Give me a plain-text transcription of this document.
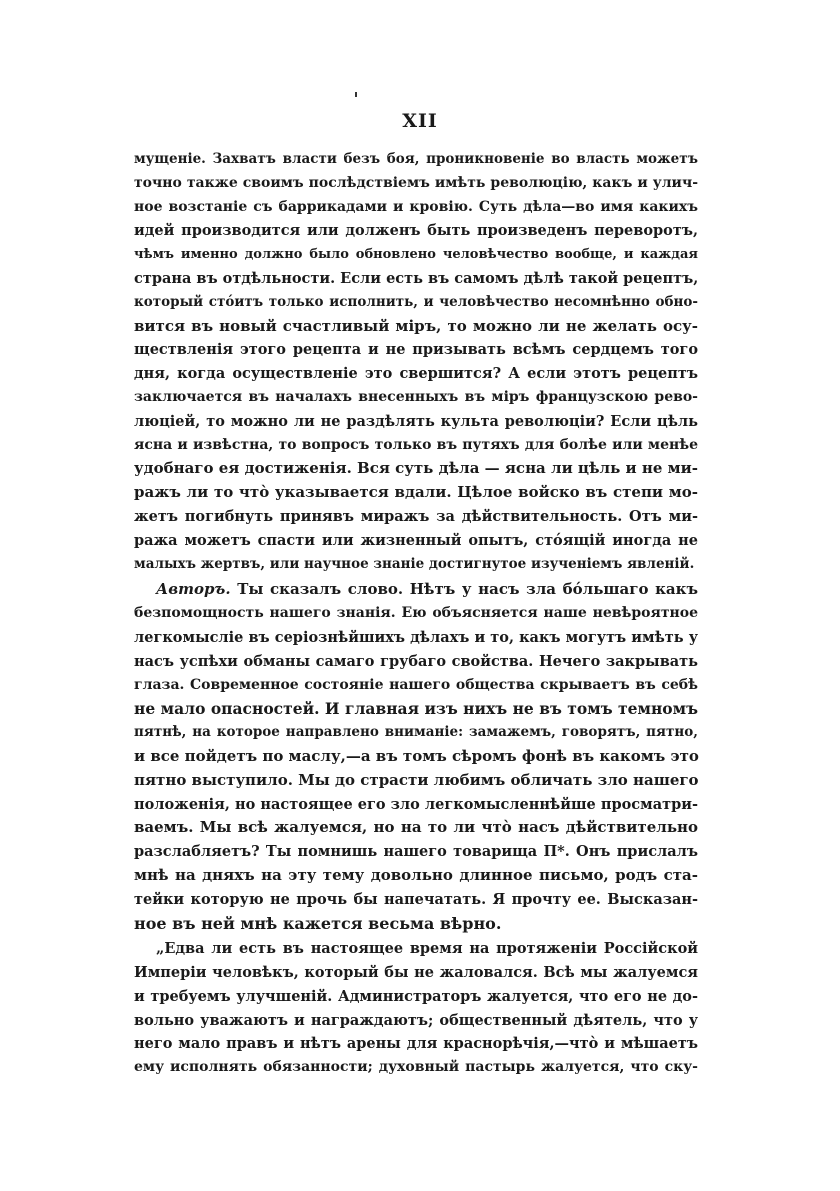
XII
мущеніе. Захватъ власти безъ боя, проникновеніе во власть можетъ
точно также своимъ послѣдствіемъ имѣть революцію, какъ и улич-
ное возстаніе съ баррикадами и кровію. Суть дѣла—во имя какихъ
идей производится или долженъ быть произведенъ переворотъ,
чѣмъ именно должно было обновлено человѣчество вообще, и каждая
страна въ отдѣльности. Если есть въ самомъ дѣлѣ такой рецептъ,
который стóитъ только исполнить, и человѣчество несомнѣнно обно-
вится въ новый счастливый міръ, то можно ли не желать осу-
ществленія этого рецепта и не призывать всѣмъ сердцемъ того
дня, когда осуществленіе это свершится? А если этотъ рецептъ
заключается въ началахъ внесенныхъ въ міръ французскою рево-
люціей, то можно ли не раздѣлять культа революціи? Если цѣль
ясна и извѣстна, то вопросъ только въ путяхъ для болѣе или менѣе
удобнаго ея достиженія. Вся суть дѣла — ясна ли цѣль и не ми-
ражъ ли то чтò указывается вдали. Цѣлое войско въ степи мо-
жетъ погибнуть принявъ миражъ за дѣйствительность. Отъ ми-
ража можетъ спасти или жизненный опытъ, стóящій иногда не
малыхъ жертвъ, или научное знаніе достигнутое изученіемъ явленій.
Авторъ. Ты сказалъ слово. Нѣтъ у насъ зла бóльшаго какъ
безпомощность нашего знанія. Ею объясняется наше невѣроятное
легкомысліе въ серіознѣйшихъ дѣлахъ и то, какъ могутъ имѣть у
насъ успѣхи обманы самаго грубаго свойства. Нечего закрывать
глаза. Современное состояніе нашего общества скрываетъ въ себѣ
не мало опасностей. И главная изъ нихъ не въ томъ темномъ
пятнѣ, на которое направлено вниманіе: замажемъ, говорятъ, пятно,
и все пойдетъ по маслу,—а въ томъ сѣромъ фонѣ въ какомъ это
пятно выступило. Мы до страсти любимъ обличать зло нашего
положенія, но настоящее его зло легкомысленнѣйше просматри-
ваемъ. Мы всѣ жалуемся, но на то ли чтò насъ дѣйствительно
разслабляетъ? Ты помнишь нашего товарища П*. Онъ прислалъ
мнѣ на дняхъ на эту тему довольно длинное письмо, родъ ста-
тейки которую не прочь бы напечатать. Я прочту ее. Высказан-
ное въ ней мнѣ кажется весьма вѣрно.
„Едва ли есть въ настоящее время на протяженіи Россійской
Имперіи человѣкъ, который бы не жаловался. Всѣ мы жалуемся
и требуемъ улучшеній. Администраторъ жалуется, что его не до-
вольно уважаютъ и награждаютъ; общественный дѣятель, что у
него мало правъ и нѣтъ арены для краснорѣчія,—чтò и мѣшаетъ
ему исполнять обязанности; духовный пастырь жалуется, что ску-
